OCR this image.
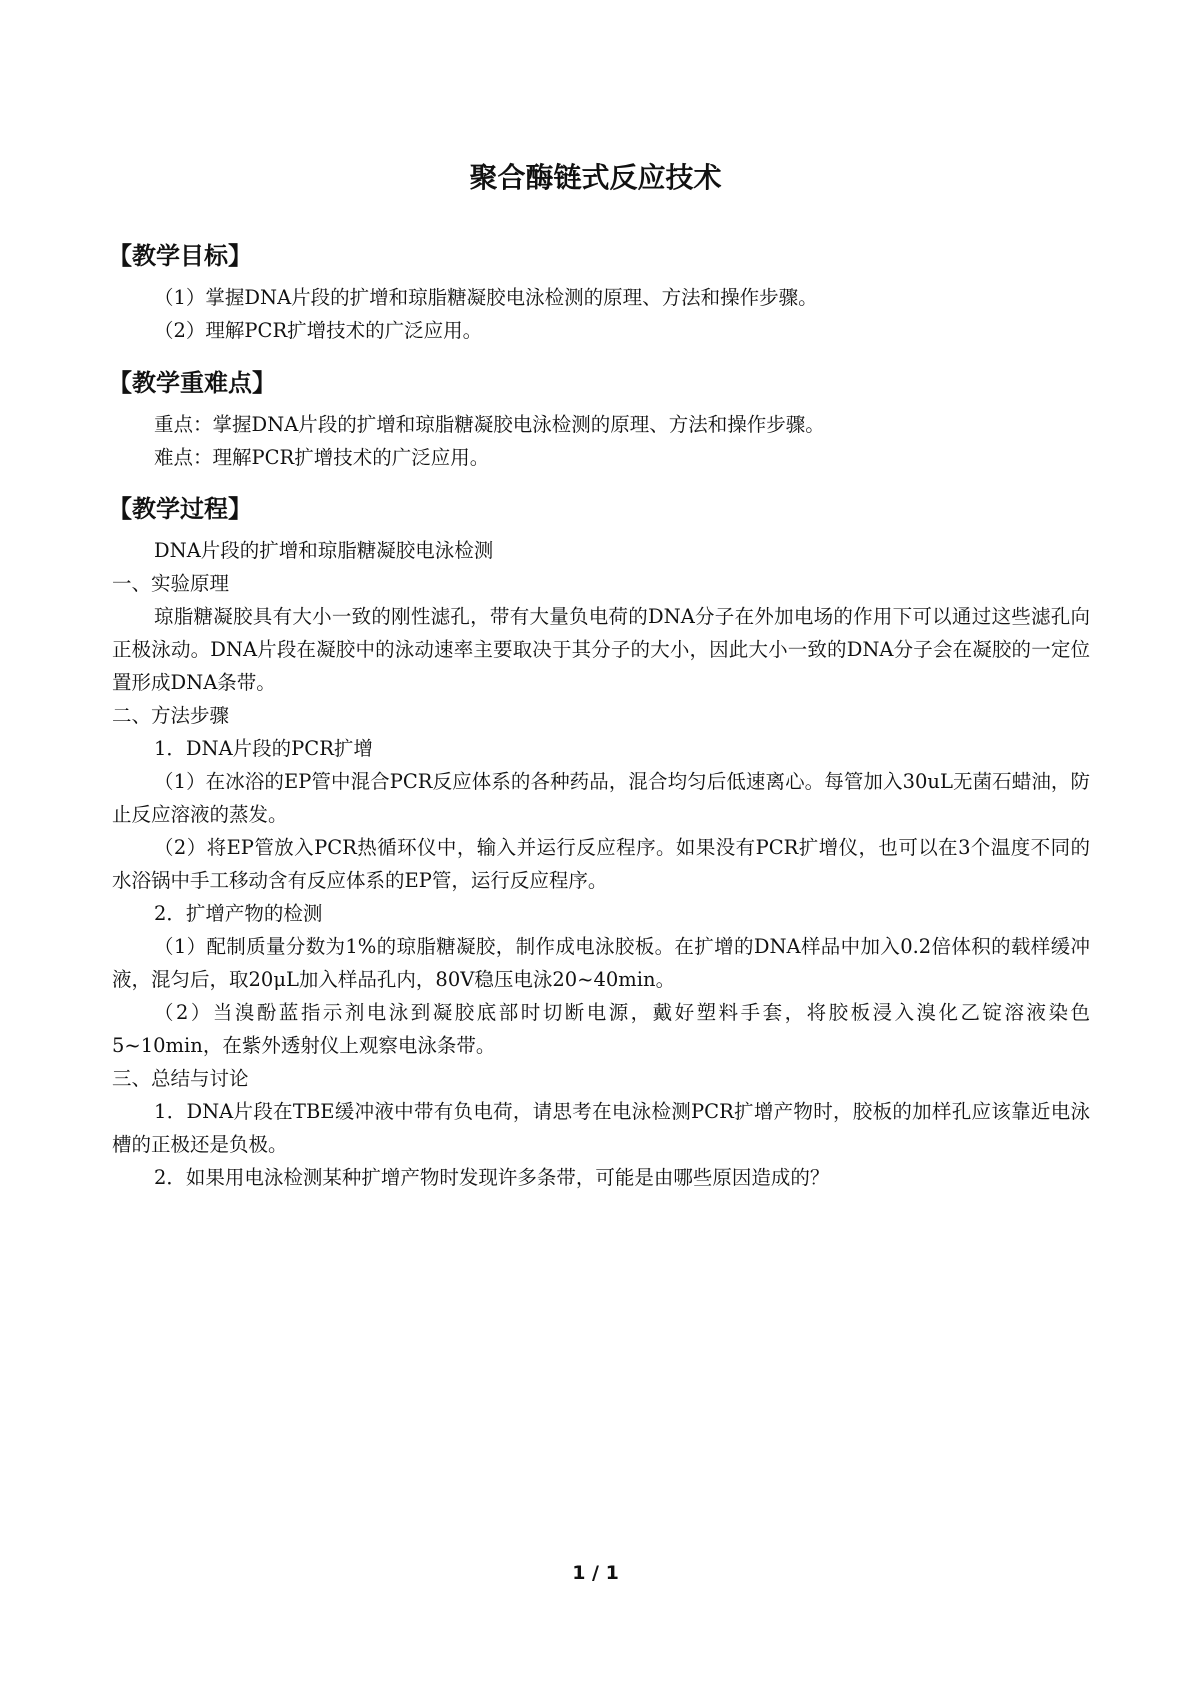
聚合酶链式反应技术
【教学目标】

（1）掌握DNA片段的扩增和琼脂糖凝胶电泳检测的原理、方法和操作步骤。

（2）理解PCR扩增技术的广泛应用。

【教学重难点】

重点：掌握DNA片段的扩增和琼脂糖凝胶电泳检测的原理、方法和操作步骤。

难点：理解PCR扩增技术的广泛应用。

【教学过程】

DNA片段的扩增和琼脂糖凝胶电泳检测

一、实验原理

琼脂糖凝胶具有大小一致的刚性滤孔，带有大量负电荷的DNA分子在外加电场的作用下可以通过这些滤孔向正极泳动。DNA片段在凝胶中的泳动速率主要取决于其分子的大小，因此大小一致的DNA分子会在凝胶的一定位置形成DNA条带。

二、方法步骤

1．DNA片段的PCR扩增

（1）在冰浴的EP管中混合PCR反应体系的各种药品，混合均匀后低速离心。每管加入30uL无菌石蜡油，防止反应溶液的蒸发。

（2）将EP管放入PCR热循环仪中，输入并运行反应程序。如果没有PCR扩增仪，也可以在3个温度不同的水浴锅中手工移动含有反应体系的EP管，运行反应程序。

2．扩增产物的检测

（1）配制质量分数为1%的琼脂糖凝胶，制作成电泳胶板。在扩增的DNA样品中加入0.2倍体积的载样缓冲液，混匀后，取20μL加入样品孔内，80V稳压电泳20~40min。

（2）当溴酚蓝指示剂电泳到凝胶底部时切断电源，戴好塑料手套，将胶板浸入溴化乙锭溶液染色5~10min，在紫外透射仪上观察电泳条带。

三、总结与讨论

1．DNA片段在TBE缓冲液中带有负电荷，请思考在电泳检测PCR扩增产物时，胶板的加样孔应该靠近电泳槽的正极还是负极。

2．如果用电泳检测某种扩增产物时发现许多条带，可能是由哪些原因造成的？

1 / 1
